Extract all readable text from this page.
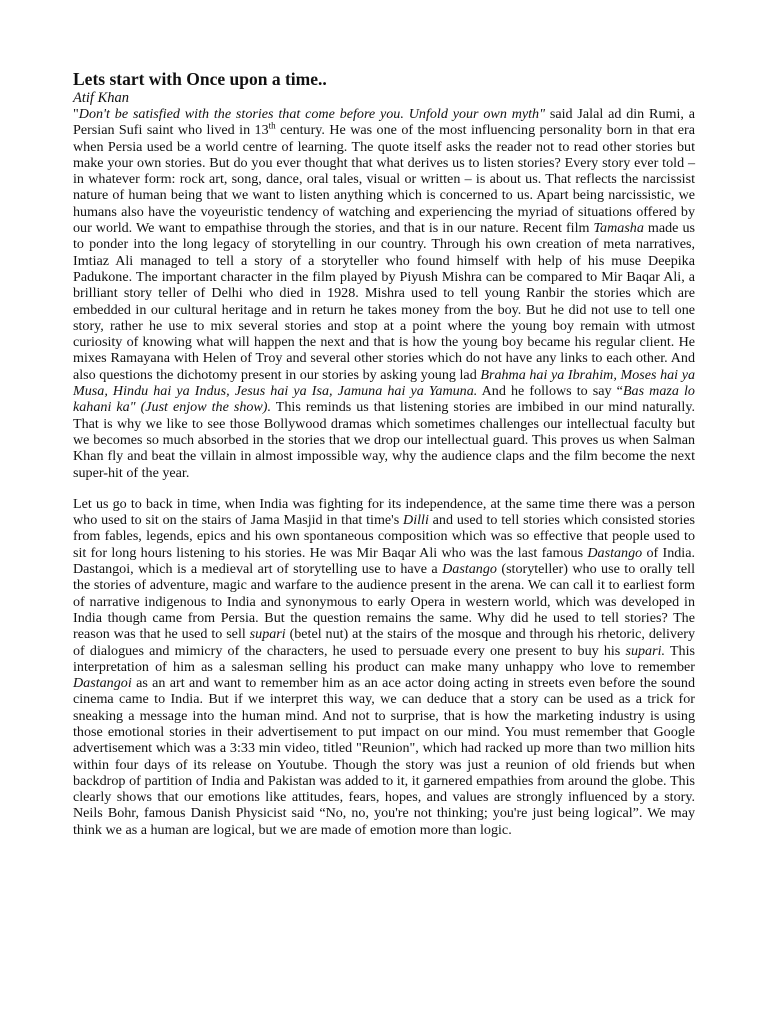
Lets start with Once upon a time..
Atif Khan

"Don't be satisfied with the stories that come before you. Unfold your own myth" said Jalal ad din Rumi, a Persian Sufi saint who lived in 13th century. He was one of the most influencing personality born in that era when Persia used be a world centre of learning. The quote itself asks the reader not to read other stories but make your own stories. But do you ever thought that what derives us to listen stories? Every story ever told – in whatever form: rock art, song, dance, oral tales, visual or written – is about us. That reflects the narcissist nature of human being that we want to listen anything which is concerned to us. Apart being narcissistic, we humans also have the voyeuristic tendency of watching and experiencing the myriad of situations offered by our world. We want to empathise through the stories, and that is in our nature. Recent film Tamasha made us to ponder into the long legacy of storytelling in our country. Through his own creation of meta narratives, Imtiaz Ali managed to tell a story of a storyteller who found himself with help of his muse Deepika Padukone. The important character in the film played by Piyush Mishra can be compared to Mir Baqar Ali, a brilliant story teller of Delhi who died in 1928. Mishra used to tell young Ranbir the stories which are embedded in our cultural heritage and in return he takes money from the boy. But he did not use to tell one story, rather he use to mix several stories and stop at a point where the young boy remain with utmost curiosity of knowing what will happen the next and that is how the young boy became his regular client. He mixes Ramayana with Helen of Troy and several other stories which do not have any links to each other. And also questions the dichotomy present in our stories by asking young lad Brahma hai ya Ibrahim, Moses hai ya Musa, Hindu hai ya Indus, Jesus hai ya Isa, Jamuna hai ya Yamuna. And he follows to say “Bas maza lo kahani ka" (Just enjow the show). This reminds us that listening stories are imbibed in our mind naturally. That is why we like to see those Bollywood dramas which sometimes challenges our intellectual faculty but we becomes so much absorbed in the stories that we drop our intellectual guard. This proves us when Salman Khan fly and beat the villain in almost impossible way, why the audience claps and the film become the next super-hit of the year.

Let us go to back in time, when India was fighting for its independence, at the same time there was a person who used to sit on the stairs of Jama Masjid in that time's Dilli and used to tell stories which consisted stories from fables, legends, epics and his own spontaneous composition which was so effective that people used to sit for long hours listening to his stories. He was Mir Baqar Ali who was the last famous Dastango of India. Dastangoi, which is a medieval art of storytelling use to have a Dastango (storyteller) who use to orally tell the stories of adventure, magic and warfare to the audience present in the arena. We can call it to earliest form of narrative indigenous to India and synonymous to early Opera in western world, which was developed in India though came from Persia. But the question remains the same. Why did he used to tell stories? The reason was that he used to sell supari (betel nut) at the stairs of the mosque and through his rhetoric, delivery of dialogues and mimicry of the characters, he used to persuade every one present to buy his supari. This interpretation of him as a salesman selling his product can make many unhappy who love to remember Dastangoi as an art and want to remember him as an ace actor doing acting in streets even before the sound cinema came to India. But if we interpret this way, we can deduce that a story can be used as a trick for sneaking a message into the human mind. And not to surprise, that is how the marketing industry is using those emotional stories in their advertisement to put impact on our mind. You must remember that Google advertisement which was a 3:33 min video, titled "Reunion", which had racked up more than two million hits within four days of its release on Youtube. Though the story was just a reunion of old friends but when backdrop of partition of India and Pakistan was added to it, it garnered empathies from around the globe. This clearly shows that our emotions like attitudes, fears, hopes, and values are strongly influenced by a story. Neils Bohr, famous Danish Physicist said “No, no, you're not thinking; you're just being logical”. We may think we as a human are logical, but we are made of emotion more than logic.
